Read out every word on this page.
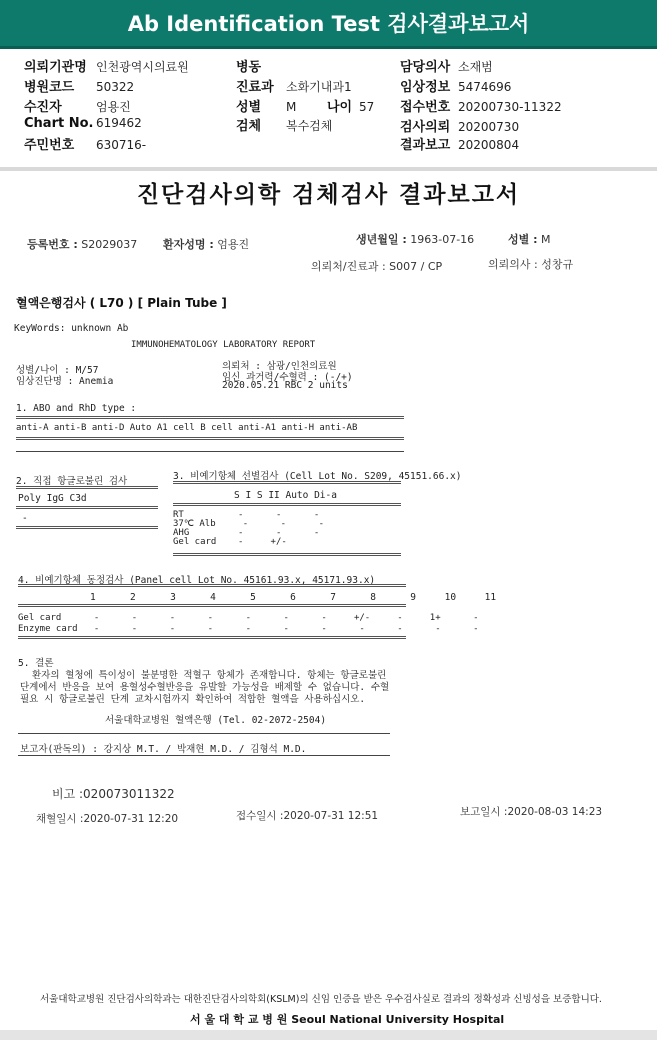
Ab Identification Test 검사결과보고서
의뢰기관명 인천광역시의료원
병원코드 50322
수진자	엄용진
Chart No. 619462
주민번호 630716-
병동
진료과 소화기내과1
성별 M 나이 57
검체 복수검체
담당의사 소재범
임상정보 5474696
접수번호 20200730-11322
검사의뢰 20200730
결과보고 20200804
진단검사의학 검체검사 결과보고서
등록번호 : S2029037 환자성명 : 엄용진	생년월일 : 1963-07-16	성별 : M
의뢰처/진료과 : S007 / CP	의뢰의사 : 성창규
혈액은행검사 ( L70 ) [ Plain Tube ]
KeyWords: unknown Ab
IMMUNOHEMATOLOGY LABORATORY REPORT
성별/나이 : M/57
임상진단명 : Anemia
의뢰처 : 삼광/인천의료원
임신 과거력/수혈력 : (-/+)
2020.05.21 RBC 2 units
1. ABO and RhD type :
anti-A anti-B anti-D Auto A1 cell B cell anti-A1 anti-H anti-AB
2. 직접 항글로불린 검사
Poly IgG C3d
-
3. 비예기항체 선별검사 (Cell Lot No. S209, 45151.66.x)
S I S II Auto Di-a
RT          -      -      -
37℃ Alb     -      -      -
AHG         -      -      -
Gel card    -     +/-
4. 비예기항체 동정검사 (Panel cell Lot No. 45161.93.x, 45171.93.x)
1      2      3      4      5      6      7      8      9     10     11
Gel card      -      -      -      -      -      -      -     +/-     -     1+      -
Enzyme card   -      -      -      -      -      -      -      -      -      -      -
5. 결론
환자의 혈청에 특이성이 불분명한 적혈구 항체가 존재합니다. 항체는 항글로불린
단계에서 반응을 보여 용혈성수혈반응을 유발할 가능성을 배제할 수 없습니다. 수혈
필요 시 항글로불린 단계 교차시험까지 확인하여 적합한 혈액을 사용하십시오.
서울대학교병원 혈액은행 (Tel. 02-2072-2504)
보고자(판독의) : 강지상 M.T. / 박재현 M.D. / 김형석 M.D.
비고 :020073011322
채혈일시 :2020-07-31 12:20	접수일시 :2020-07-31 12:51	보고일시 :2020-08-03 14:23
서울대학교병원 진단검사의학과는 대한진단검사의학회(KSLM)의 신임 인증을 받은 우수검사실로 결과의 정확성과 신빙성을 보증합니다.
서 울 대 학 교 병 원 Seoul National University Hospital
